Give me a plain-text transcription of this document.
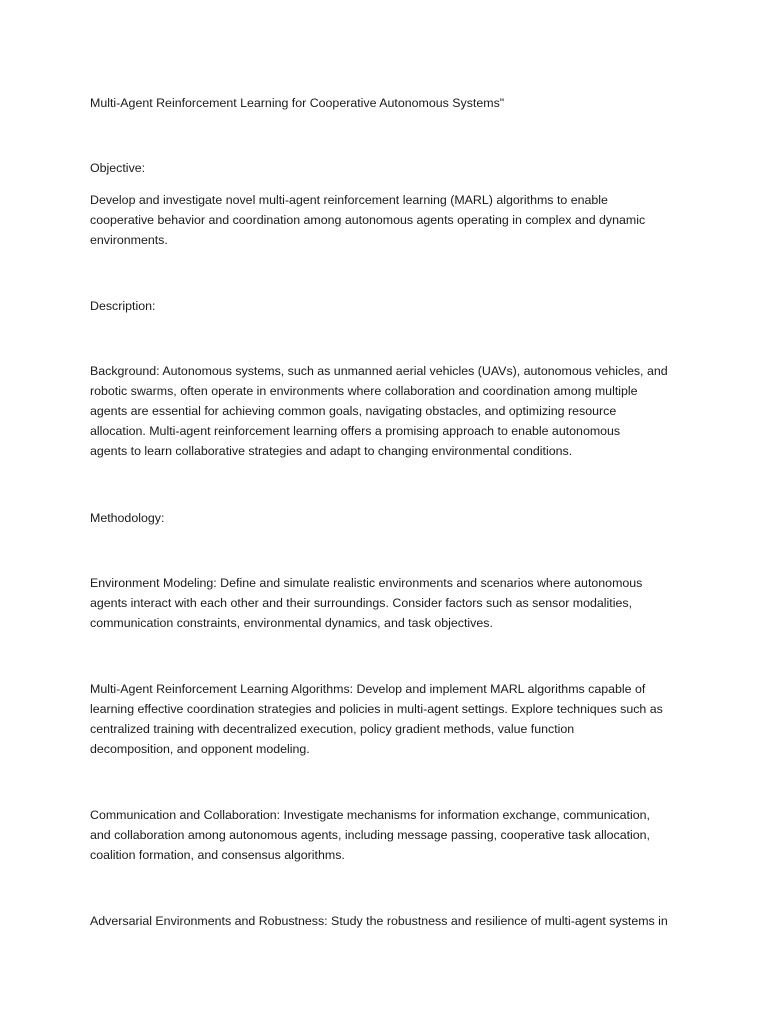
Multi-Agent Reinforcement Learning for Cooperative Autonomous Systems"

Objective:

Develop and investigate novel multi-agent reinforcement learning (MARL) algorithms to enable
cooperative behavior and coordination among autonomous agents operating in complex and dynamic
environments.

Description:

Background: Autonomous systems, such as unmanned aerial vehicles (UAVs), autonomous vehicles, and
robotic swarms, often operate in environments where collaboration and coordination among multiple
agents are essential for achieving common goals, navigating obstacles, and optimizing resource
allocation. Multi-agent reinforcement learning offers a promising approach to enable autonomous
agents to learn collaborative strategies and adapt to changing environmental conditions.

Methodology:

Environment Modeling: Define and simulate realistic environments and scenarios where autonomous
agents interact with each other and their surroundings. Consider factors such as sensor modalities,
communication constraints, environmental dynamics, and task objectives.

Multi-Agent Reinforcement Learning Algorithms: Develop and implement MARL algorithms capable of
learning effective coordination strategies and policies in multi-agent settings. Explore techniques such as
centralized training with decentralized execution, policy gradient methods, value function
decomposition, and opponent modeling.

Communication and Collaboration: Investigate mechanisms for information exchange, communication,
and collaboration among autonomous agents, including message passing, cooperative task allocation,
coalition formation, and consensus algorithms.

Adversarial Environments and Robustness: Study the robustness and resilience of multi-agent systems in
